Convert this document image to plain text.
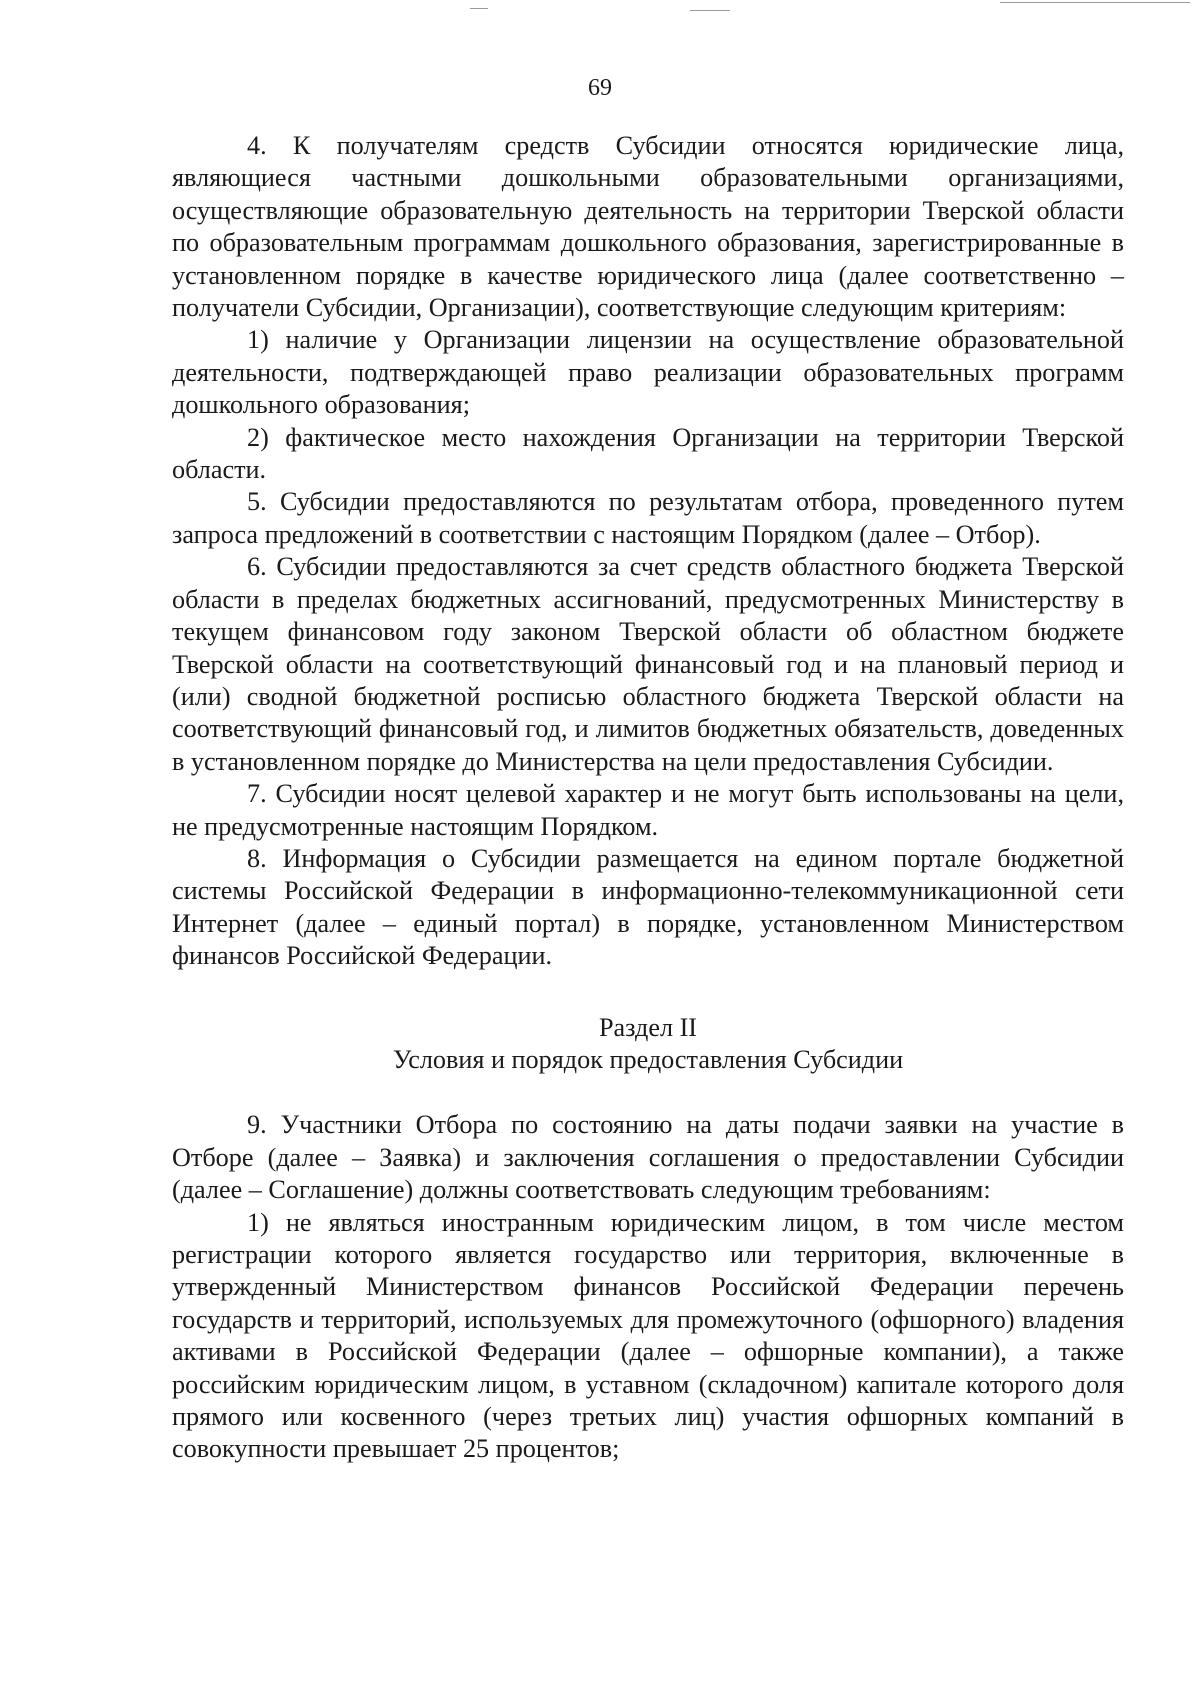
69

4. К получателям средств Субсидии относятся юридические лица, являющиеся частными дошкольными образовательными организациями, осуществляющие образовательную деятельность на территории Тверской области по образовательным программам дошкольного образования, зарегистрированные в установленном порядке в качестве юридического лица (далее соответственно – получатели Субсидии, Организации), соответствующие следующим критериям:

1) наличие у Организации лицензии на осуществление образовательной деятельности, подтверждающей право реализации образовательных программ дошкольного образования;

2) фактическое место нахождения Организации на территории Тверской области.

5. Субсидии предоставляются по результатам отбора, проведенного путем запроса предложений в соответствии с настоящим Порядком (далее – Отбор).

6. Субсидии предоставляются за счет средств областного бюджета Тверской области в пределах бюджетных ассигнований, предусмотренных Министерству в текущем финансовом году законом Тверской области об областном бюджете Тверской области на соответствующий финансовый год и на плановый период и (или) сводной бюджетной росписью областного бюджета Тверской области на соответствующий финансовый год, и лимитов бюджетных обязательств, доведенных в установленном порядке до Министерства на цели предоставления Субсидии.

7. Субсидии носят целевой характер и не могут быть использованы на цели, не предусмотренные настоящим Порядком.

8. Информация о Субсидии размещается на едином портале бюджетной системы Российской Федерации в информационно-телекоммуникационной сети Интернет (далее – единый портал) в порядке, установленном Министерством финансов Российской Федерации.

Раздел II

Условия и порядок предоставления Субсидии

9. Участники Отбора по состоянию на даты подачи заявки на участие в Отборе (далее – Заявка) и заключения соглашения о предоставлении Субсидии (далее – Соглашение) должны соответствовать следующим требованиям:

1) не являться иностранным юридическим лицом, в том числе местом регистрации которого является государство или территория, включенные в утвержденный Министерством финансов Российской Федерации перечень государств и территорий, используемых для промежуточного (офшорного) владения активами в Российской Федерации (далее – офшорные компании), а также российским юридическим лицом, в уставном (складочном) капитале которого доля прямого или косвенного (через третьих лиц) участия офшорных компаний в совокупности превышает 25 процентов;
